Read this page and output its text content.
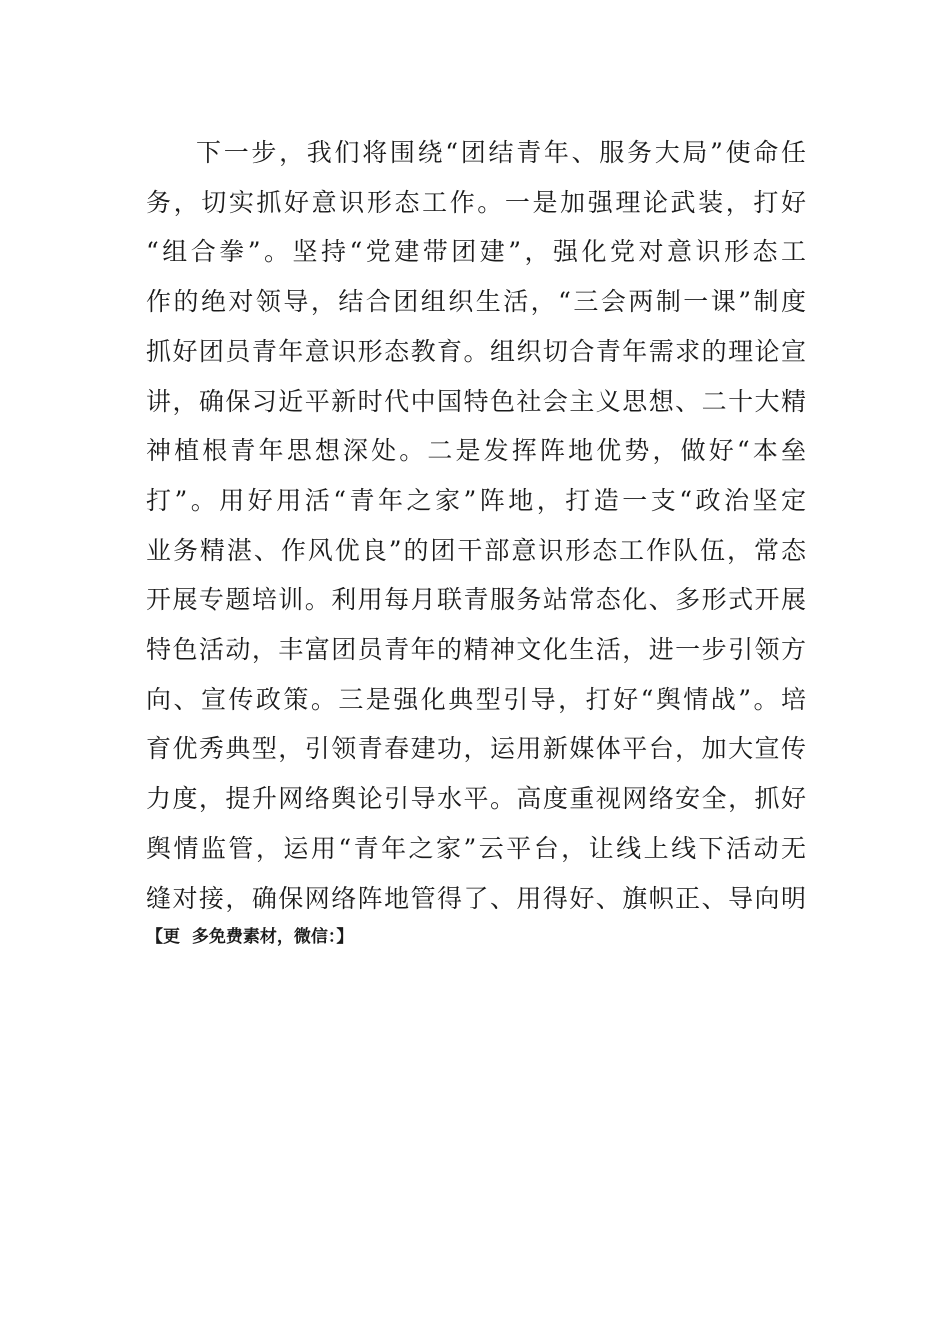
下一步，我们将围绕“团结青年、服务大局”使命任
务，切实抓好意识形态工作。一是加强理论武装，打好
“组合拳”。坚持“党建带团建”，强化党对意识形态工
作的绝对领导，结合团组织生活，“三会两制一课”制度
抓好团员青年意识形态教育。组织切合青年需求的理论宣
讲，确保习近平新时代中国特色社会主义思想、二十大精
神植根青年思想深处。二是发挥阵地优势，做好“本垒
打”。用好用活“青年之家”阵地，打造一支“政治坚定
业务精湛、作风优良”的团干部意识形态工作队伍，常态
开展专题培训。利用每月联青服务站常态化、多形式开展
特色活动，丰富团员青年的精神文化生活，进一步引领方
向、宣传政策。三是强化典型引导，打好“舆情战”。培
育优秀典型，引领青春建功，运用新媒体平台，加大宣传
力度，提升网络舆论引导水平。高度重视网络安全，抓好
舆情监管，运用“青年之家”云平台，让线上线下活动无
缝对接，确保网络阵地管得了、用得好、旗帜正、导向明

【更  多免费素材，微信：】
